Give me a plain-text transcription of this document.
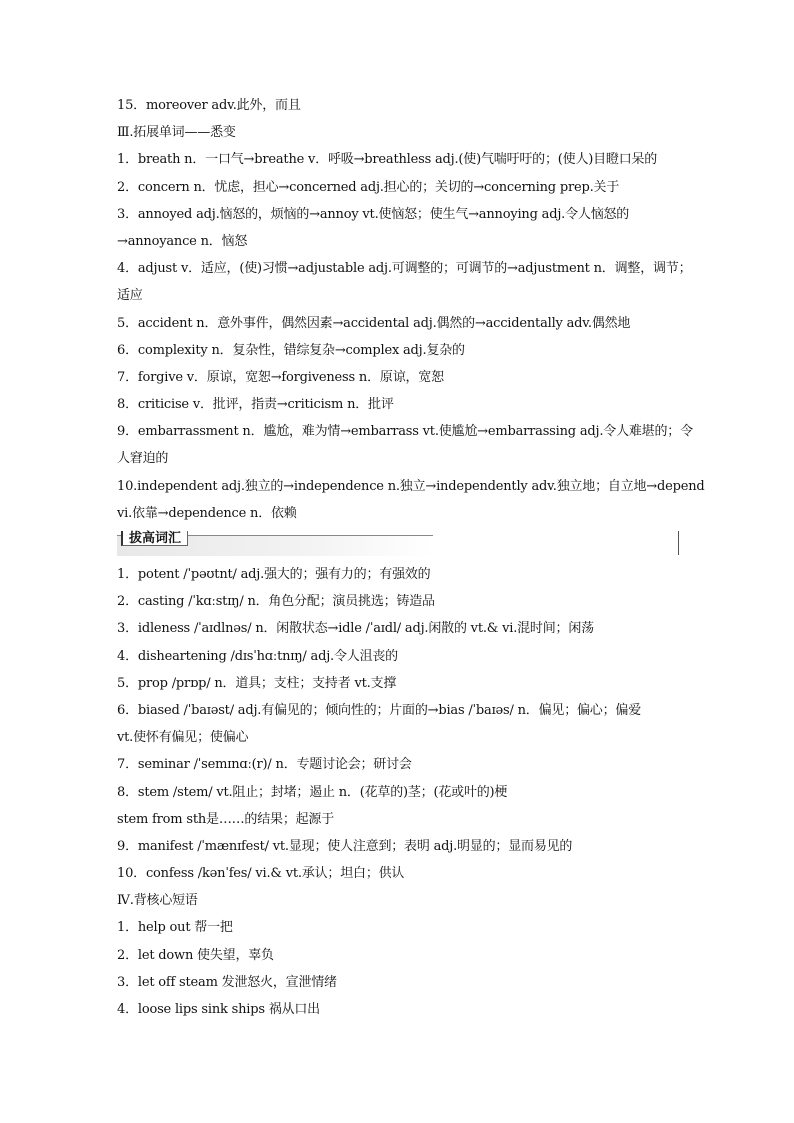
15．moreover adv.此外，而且
Ⅲ.拓展单词——悉变
1．breath n．一口气→breathe v．呼吸→breathless adj.(使)气喘吁吁的；(使人)目瞪口呆的
2．concern n．忧虑，担心→concerned adj.担心的；关切的→concerning prep.关于
3．annoyed adj.恼怒的，烦恼的→annoy vt.使恼怒；使生气→annoying adj.令人恼怒的
→annoyance n．恼怒
4．adjust v．适应，(使)习惯→adjustable adj.可调整的；可调节的→adjustment n．调整，调节；
适应
5．accident n．意外事件，偶然因素→accidental adj.偶然的→accidentally adv.偶然地
6．complexity n．复杂性，错综复杂→complex adj.复杂的
7．forgive v．原谅，宽恕→forgiveness n．原谅，宽恕
8．criticise v．批评，指责→criticism n．批评
9．embarrassment n．尴尬，难为情→embarrass vt.使尴尬→embarrassing adj.令人难堪的；令
人窘迫的
10.independent adj.独立的→independence n.独立→independently adv.独立地；自立地→depend
vi.依靠→dependence n．依赖
拔高词汇
1．potent /ˈpəʊtnt/ adj.强大的；强有力的；有强效的
2．casting /ˈkɑːstɪŋ/ n．角色分配；演员挑选；铸造品
3．idleness /ˈaɪdlnəs/ n．闲散状态→idle /ˈaɪdl/ adj.闲散的 vt.& vi.混时间；闲荡
4．disheartening /dɪsˈhɑːtnɪŋ/ adj.令人沮丧的
5．prop /prɒp/ n．道具；支柱；支持者 vt.支撑
6．biased /ˈbaɪəst/ adj.有偏见的；倾向性的；片面的→bias /ˈbaɪəs/ n．偏见；偏心；偏爱
vt.使怀有偏见；使偏心
7．seminar /ˈsemɪnɑː(r)/ n．专题讨论会；研讨会
8．stem /stem/ vt.阻止；封堵；遏止 n．(花草的)茎；(花或叶的)梗
stem from sth是……的结果；起源于
9．manifest /ˈmænɪfest/ vt.显现；使人注意到；表明 adj.明显的；显而易见的
10．confess /kənˈfes/ vi.& vt.承认；坦白；供认
Ⅳ.背核心短语
1．help out 帮一把
2．let down 使失望，辜负
3．let off steam 发泄怒火，宣泄情绪
4．loose lips sink ships 祸从口出
